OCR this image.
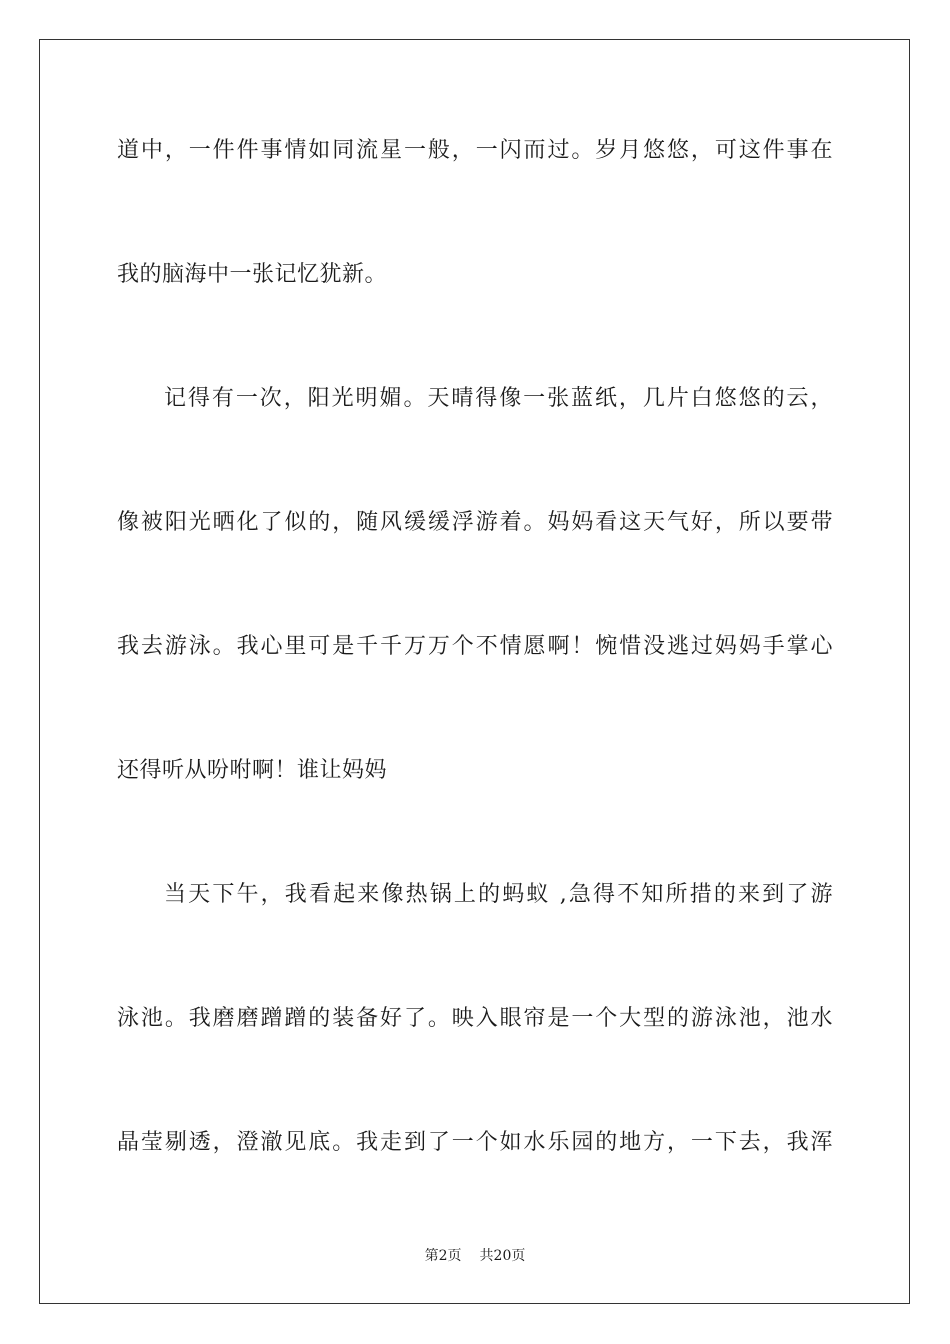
道中，一件件事情如同流星一般，一闪而过。岁月悠悠，可这件事在
我的脑海中一张记忆犹新。
记得有一次，阳光明媚。天晴得像一张蓝纸，几片白悠悠的云，
像被阳光晒化了似的，随风缓缓浮游着。妈妈看这天气好，所以要带
我去游泳。我心里可是千千万万个不情愿啊！惋惜没逃过妈妈手掌心
还得听从吩咐啊！谁让妈妈
当天下午，我看起来像热锅上的蚂蚁 ,急得不知所措的来到了游
泳池。我磨磨蹭蹭的装备好了。映入眼帘是一个大型的游泳池，池水
晶莹剔透，澄澈见底。我走到了一个如水乐园的地方，一下去，我浑
第2页 共20页
